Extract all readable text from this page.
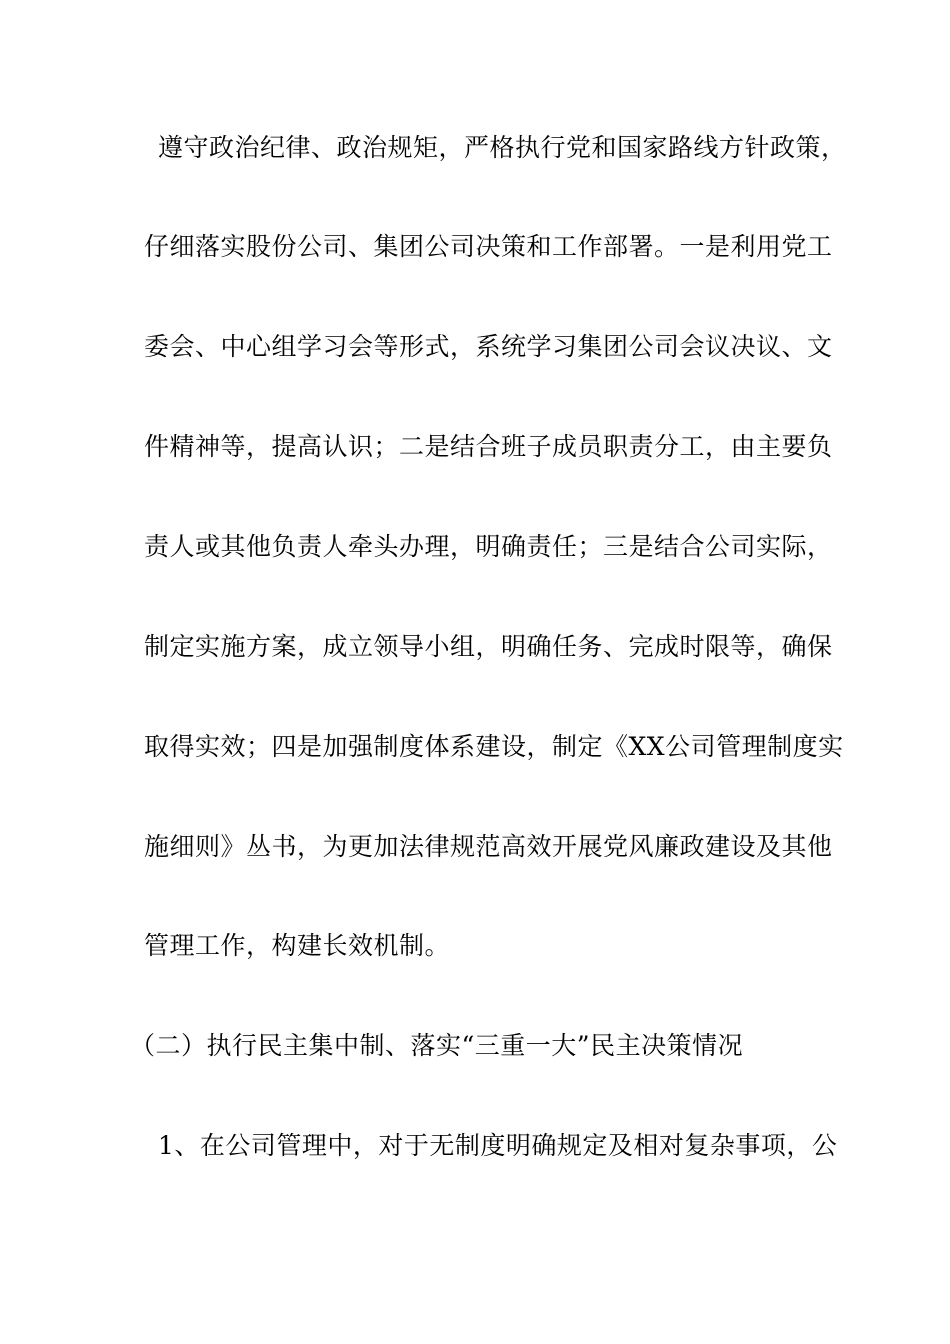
遵守政治纪律、政治规矩，严格执行党和国家路线方针政策，
仔细落实股份公司、集团公司决策和工作部署。一是利用党工
委会、中心组学习会等形式，系统学习集团公司会议决议、文
件精神等，提高认识；二是结合班子成员职责分工，由主要负
责人或其他负责人牵头办理，明确责任；三是结合公司实际，
制定实施方案，成立领导小组，明确任务、完成时限等，确保
取得实效；四是加强制度体系建设，制定《XX公司管理制度实
施细则》丛书，为更加法律规范高效开展党风廉政建设及其他
管理工作，构建长效机制。
（二）执行民主集中制、落实“三重一大”民主决策情况
1、在公司管理中，对于无制度明确规定及相对复杂事项，公
